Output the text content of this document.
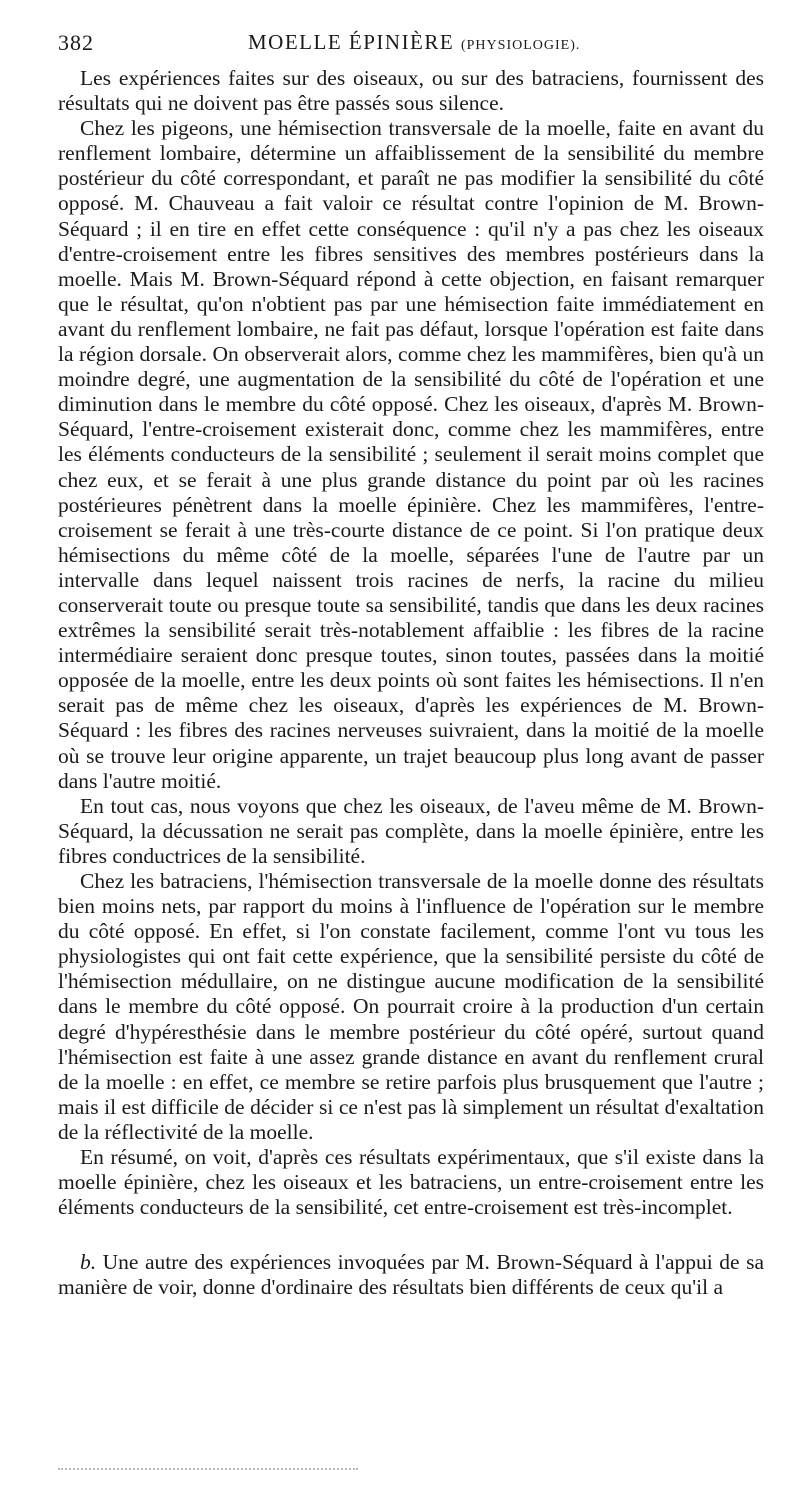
382	MOELLE ÉPINIÈRE (PHYSIOLOGIE).

Les expériences faites sur des oiseaux, ou sur des batraciens, fournissent des résultats qui ne doivent pas être passés sous silence.

Chez les pigeons, une hémisection transversale de la moelle, faite en avant du renflement lombaire, détermine un affaiblissement de la sensibilité du membre postérieur du côté correspondant, et paraît ne pas modifier la sensibilité du côté opposé. M. Chauveau a fait valoir ce résultat contre l'opinion de M. Brown-Séquard ; il en tire en effet cette conséquence : qu'il n'y a pas chez les oiseaux d'entre-croisement entre les fibres sensitives des membres postérieurs dans la moelle. Mais M. Brown-Séquard répond à cette objection, en faisant remarquer que le résultat, qu'on n'obtient pas par une hémisection faite immédiatement en avant du renflement lombaire, ne fait pas défaut, lorsque l'opération est faite dans la région dorsale. On observerait alors, comme chez les mammifères, bien qu'à un moindre degré, une augmentation de la sensibilité du côté de l'opération et une diminution dans le membre du côté opposé. Chez les oiseaux, d'après M. Brown-Séquard, l'entre-croisement existerait donc, comme chez les mammifères, entre les éléments conducteurs de la sensibilité ; seulement il serait moins complet que chez eux, et se ferait à une plus grande distance du point par où les racines postérieures pénètrent dans la moelle épinière. Chez les mammifères, l'entre-croisement se ferait à une très-courte distance de ce point. Si l'on pratique deux hémisections du même côté de la moelle, séparées l'une de l'autre par un intervalle dans lequel naissent trois racines de nerfs, la racine du milieu conserverait toute ou presque toute sa sensibilité, tandis que dans les deux racines extrêmes la sensibilité serait très-notablement affaiblie : les fibres de la racine intermédiaire seraient donc presque toutes, sinon toutes, passées dans la moitié opposée de la moelle, entre les deux points où sont faites les hémisections. Il n'en serait pas de même chez les oiseaux, d'après les expériences de M. Brown-Séquard : les fibres des racines nerveuses suivraient, dans la moitié de la moelle où se trouve leur origine apparente, un trajet beaucoup plus long avant de passer dans l'autre moitié.

En tout cas, nous voyons que chez les oiseaux, de l'aveu même de M. Brown-Séquard, la décussation ne serait pas complète, dans la moelle épinière, entre les fibres conductrices de la sensibilité.

Chez les batraciens, l'hémisection transversale de la moelle donne des résultats bien moins nets, par rapport du moins à l'influence de l'opération sur le membre du côté opposé. En effet, si l'on constate facilement, comme l'ont vu tous les physiologistes qui ont fait cette expérience, que la sensibilité persiste du côté de l'hémisection médullaire, on ne distingue aucune modification de la sensibilité dans le membre du côté opposé. On pourrait croire à la production d'un certain degré d'hypéresthésie dans le membre postérieur du côté opéré, surtout quand l'hémisection est faite à une assez grande distance en avant du renflement crural de la moelle : en effet, ce membre se retire parfois plus brusquement que l'autre ; mais il est difficile de décider si ce n'est pas là simplement un résultat d'exaltation de la réflectivité de la moelle.

En résumé, on voit, d'après ces résultats expérimentaux, que s'il existe dans la moelle épinière, chez les oiseaux et les batraciens, un entre-croisement entre les éléments conducteurs de la sensibilité, cet entre-croisement est très-incomplet.

b. Une autre des expériences invoquées par M. Brown-Séquard à l'appui de sa manière de voir, donne d'ordinaire des résultats bien différents de ceux qu'il a
